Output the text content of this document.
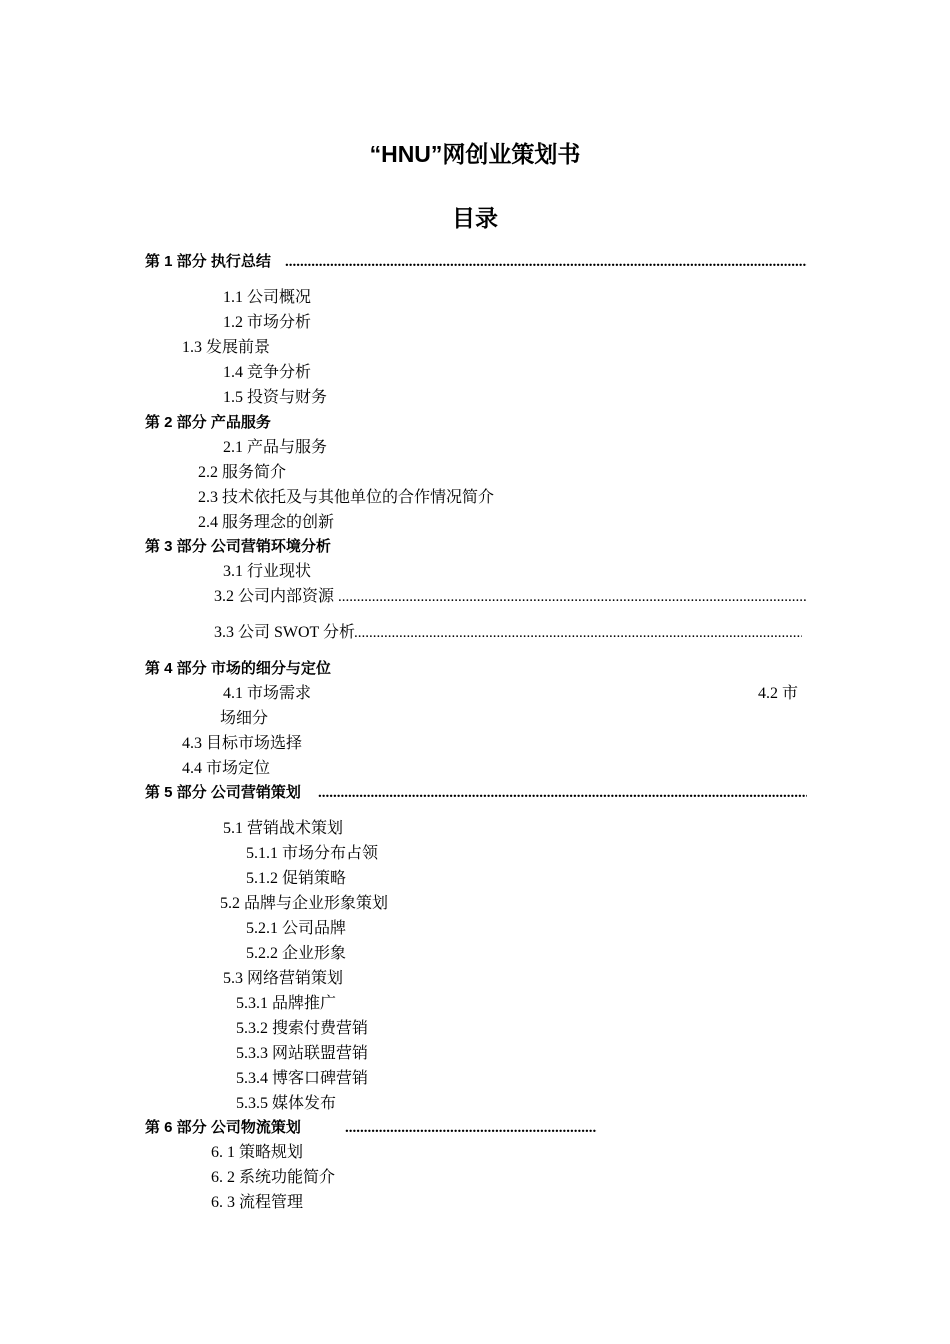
“HNU”网创业策划书
目录
第 1 部分 执行总结
.....
1.1 公司概况
1.2 市场分析
1.3 发展前景
1.4 竞争分析
1.5 投资与财务
第 2 部分 产品服务
2.1 产品与服务
2.2 服务简介
2.3 技术依托及与其他单位的合作情况简介
2.4 服务理念的创新
第 3 部分 公司营销环境分析
3.1 行业现状
3.2 公司内部资源
.....
3.3 公司 SWOT 分析
.....
第 4 部分 市场的细分与定位
4.1 市场需求	4.2 市
场细分
4.3 目标市场选择
4.4 市场定位
第 5 部分 公司营销策划
.....
5.1 营销战术策划
5.1.1 市场分布占领
5.1.2 促销策略
5.2 品牌与企业形象策划
5.2.1 公司品牌
5.2.2 企业形象
5.3 网络营销策划
5.3.1 品牌推广
5.3.2 搜索付费营销
5.3.3 网站联盟营销
5.3.4 博客口碑营销
5.3.5 媒体发布
第 6 部分 公司物流策划
.....
6. 1 策略规划
6. 2 系统功能简介
6. 3 流程管理
